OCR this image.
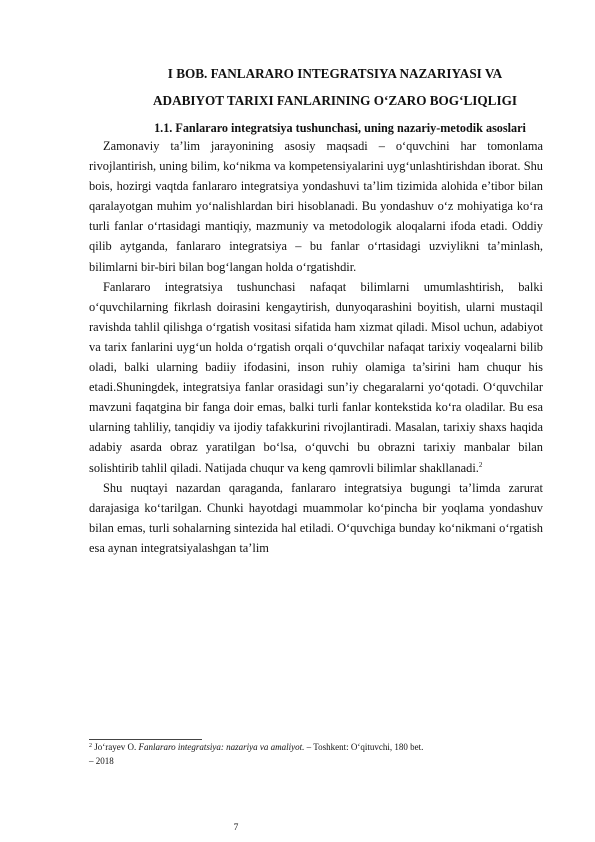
I BOB. FANLARARO INTEGRATSIYA NAZARIYASI VA
ADABIYOT TARIXI FANLARINING O‘ZARO BOG‘LIQLIGI
1.1. Fanlararo integratsiya tushunchasi, uning nazariy-metodik asoslari

Zamonaviy ta’lim jarayonining asosiy maqsadi – o‘quvchini har tomonlama rivojlantirish, uning bilim, ko‘nikma va kompetensiyalarini uyg‘unlashtirishdan iborat. Shu bois, hozirgi vaqtda fanlararo integratsiya yondashuvi ta’lim tizimida alohida e’tibor bilan qaralayotgan muhim yo‘nalishlardan biri hisoblanadi. Bu yondashuv o‘z mohiyatiga ko‘ra turli fanlar o‘rtasidagi mantiqiy, mazmuniy va metodologik aloqalarni ifoda etadi. Oddiy qilib aytganda, fanlararo integratsiya – bu fanlar o‘rtasidagi uzviylikni ta’minlash, bilimlarni bir-biri bilan bog‘langan holda o‘rgatishdir.

Fanlararo integratsiya tushunchasi nafaqat bilimlarni umumlashtirish, balki o‘quvchilarning fikrlash doirasini kengaytirish, dunyoqarashini boyitish, ularni mustaqil ravishda tahlil qilishga o‘rgatish vositasi sifatida ham xizmat qiladi. Misol uchun, adabiyot va tarix fanlarini uyg‘un holda o‘rgatish orqali o‘quvchilar nafaqat tarixiy voqealarni bilib oladi, balki ularning badiiy ifodasini, inson ruhiy olamiga ta’sirini ham chuqur his etadi.Shuningdek, integratsiya fanlar orasidagi sun’iy chegaralarni yo‘qotadi. O‘quvchilar mavzuni faqatgina bir fanga doir emas, balki turli fanlar kontekstida ko‘ra oladilar. Bu esa ularning tahliliy, tanqidiy va ijodiy tafakkurini rivojlantiradi. Masalan, tarixiy shaxs haqida adabiy asarda obraz yaratilgan bo‘lsa, o‘quvchi bu obrazni tarixiy manbalar bilan solishtirib tahlil qiladi. Natijada chuqur va keng qamrovli bilimlar shakllanadi.$^2$

Shu nuqtayi nazardan qaraganda, fanlararo integratsiya bugungi ta’limda zarurat darajasiga ko‘tarilgan. Chunki hayotdagi muammolar ko‘pincha bir yoqlama yondashuv bilan emas, turli sohalarning sintezida hal etiladi. O‘quvchiga bunday ko‘nikmani o‘rgatish esa aynan integratsiyalashgan ta’lim

$^2$ Jo‘rayev O. Fanlararo integratsiya: nazariya va amaliyot. – Toshkent: O‘qituvchi, 180 bet.
– 2018
7
